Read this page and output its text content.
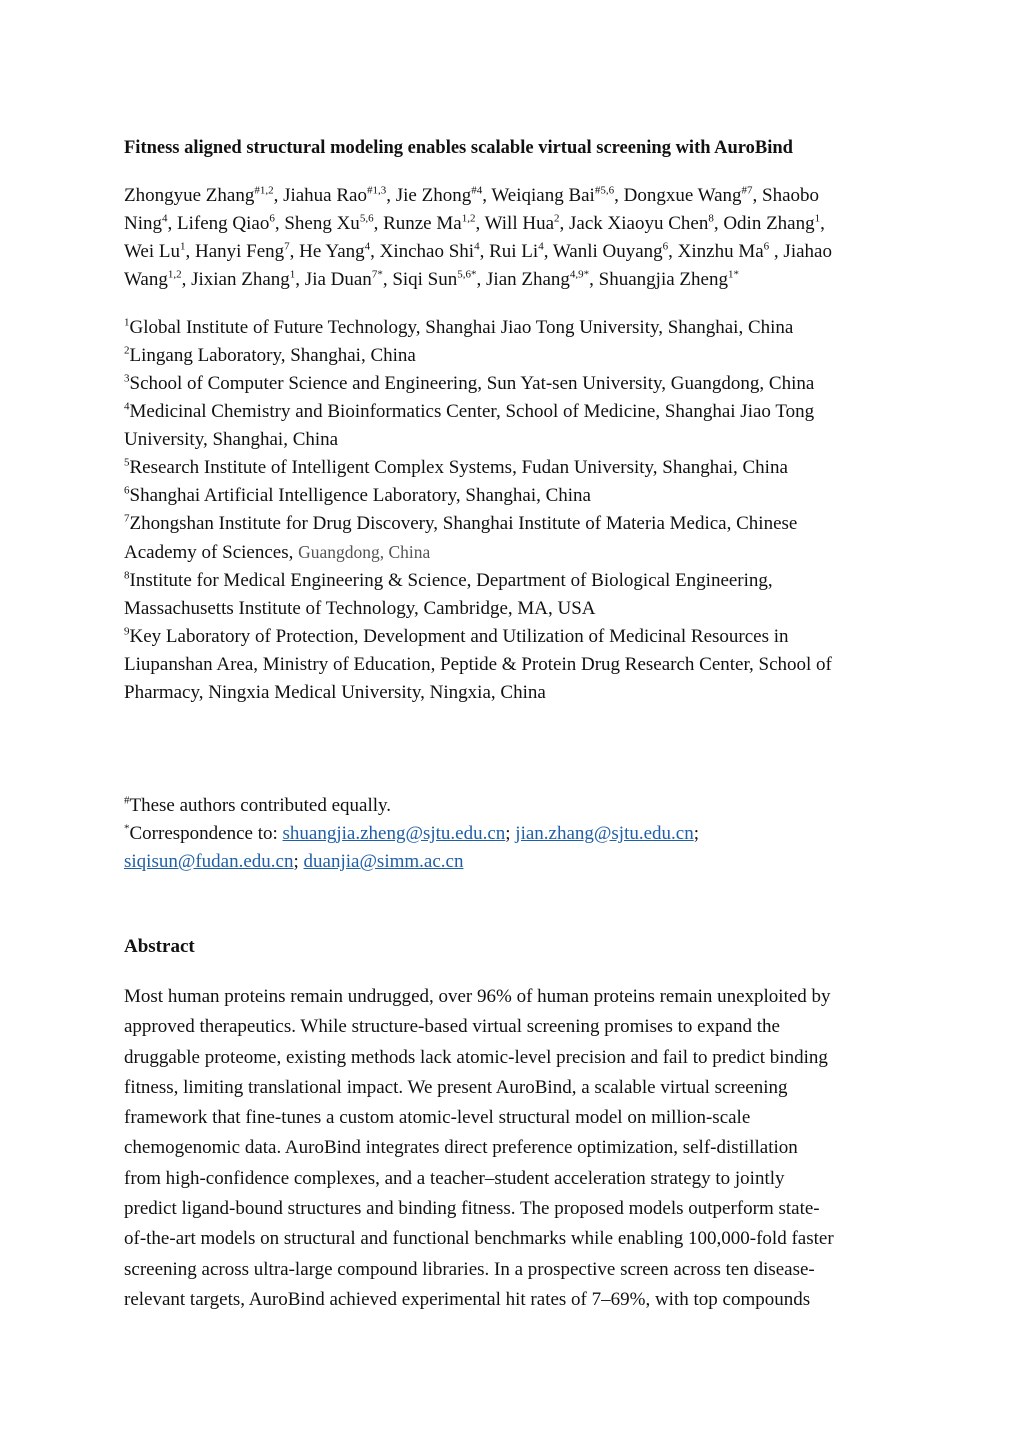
Fitness aligned structural modeling enables scalable virtual screening with AuroBind
Zhongyue Zhang$^{\#1,2}$, Jiahua Rao$^{\#1,3}$, Jie Zhong$^{\#4}$, Weiqiang Bai$^{\#5,6}$, Dongxue Wang$^{\#7}$, Shaobo
Ning$^4$, Lifeng Qiao$^6$, Sheng Xu$^{5,6}$, Runze Ma$^{1,2}$, Will Hua$^2$, Jack Xiaoyu Chen$^8$, Odin Zhang$^1$,
Wei Lu$^1$, Hanyi Feng$^7$, He Yang$^4$, Xinchao Shi$^4$, Rui Li$^4$, Wanli Ouyang$^6$, Xinzhu Ma$^6$ , Jiahao
Wang$^{1,2}$, Jixian Zhang$^1$, Jia Duan$^{7*}$, Siqi Sun$^{5,6*}$, Jian Zhang$^{4,9*}$, Shuangjia Zheng$^{1*}$
$^1$Global Institute of Future Technology, Shanghai Jiao Tong University, Shanghai, China
$^2$Lingang Laboratory, Shanghai, China
$^3$School of Computer Science and Engineering, Sun Yat-sen University, Guangdong, China
$^4$Medicinal Chemistry and Bioinformatics Center, School of Medicine, Shanghai Jiao Tong
University, Shanghai, China
$^5$Research Institute of Intelligent Complex Systems, Fudan University, Shanghai, China
$^6$Shanghai Artificial Intelligence Laboratory, Shanghai, China
$^7$Zhongshan Institute for Drug Discovery, Shanghai Institute of Materia Medica, Chinese
Academy of Sciences, Guangdong, China
$^8$Institute for Medical Engineering & Science, Department of Biological Engineering,
Massachusetts Institute of Technology, Cambridge, MA, USA
$^9$Key Laboratory of Protection, Development and Utilization of Medicinal Resources in
Liupanshan Area, Ministry of Education, Peptide & Protein Drug Research Center, School of
Pharmacy, Ningxia Medical University, Ningxia, China
#These authors contributed equally.
*Correspondence to: shuangjia.zheng@sjtu.edu.cn; jian.zhang@sjtu.edu.cn;
siqisun@fudan.edu.cn; duanjia@simm.ac.cn
Abstract
Most human proteins remain undrugged, over 96% of human proteins remain unexploited by
approved therapeutics. While structure-based virtual screening promises to expand the
druggable proteome, existing methods lack atomic-level precision and fail to predict binding
fitness, limiting translational impact. We present AuroBind, a scalable virtual screening
framework that fine-tunes a custom atomic-level structural model on million-scale
chemogenomic data. AuroBind integrates direct preference optimization, self-distillation
from high-confidence complexes, and a teacher–student acceleration strategy to jointly
predict ligand-bound structures and binding fitness. The proposed models outperform state-
of-the-art models on structural and functional benchmarks while enabling 100,000-fold faster
screening across ultra-large compound libraries. In a prospective screen across ten disease-
relevant targets, AuroBind achieved experimental hit rates of 7–69%, with top compounds
